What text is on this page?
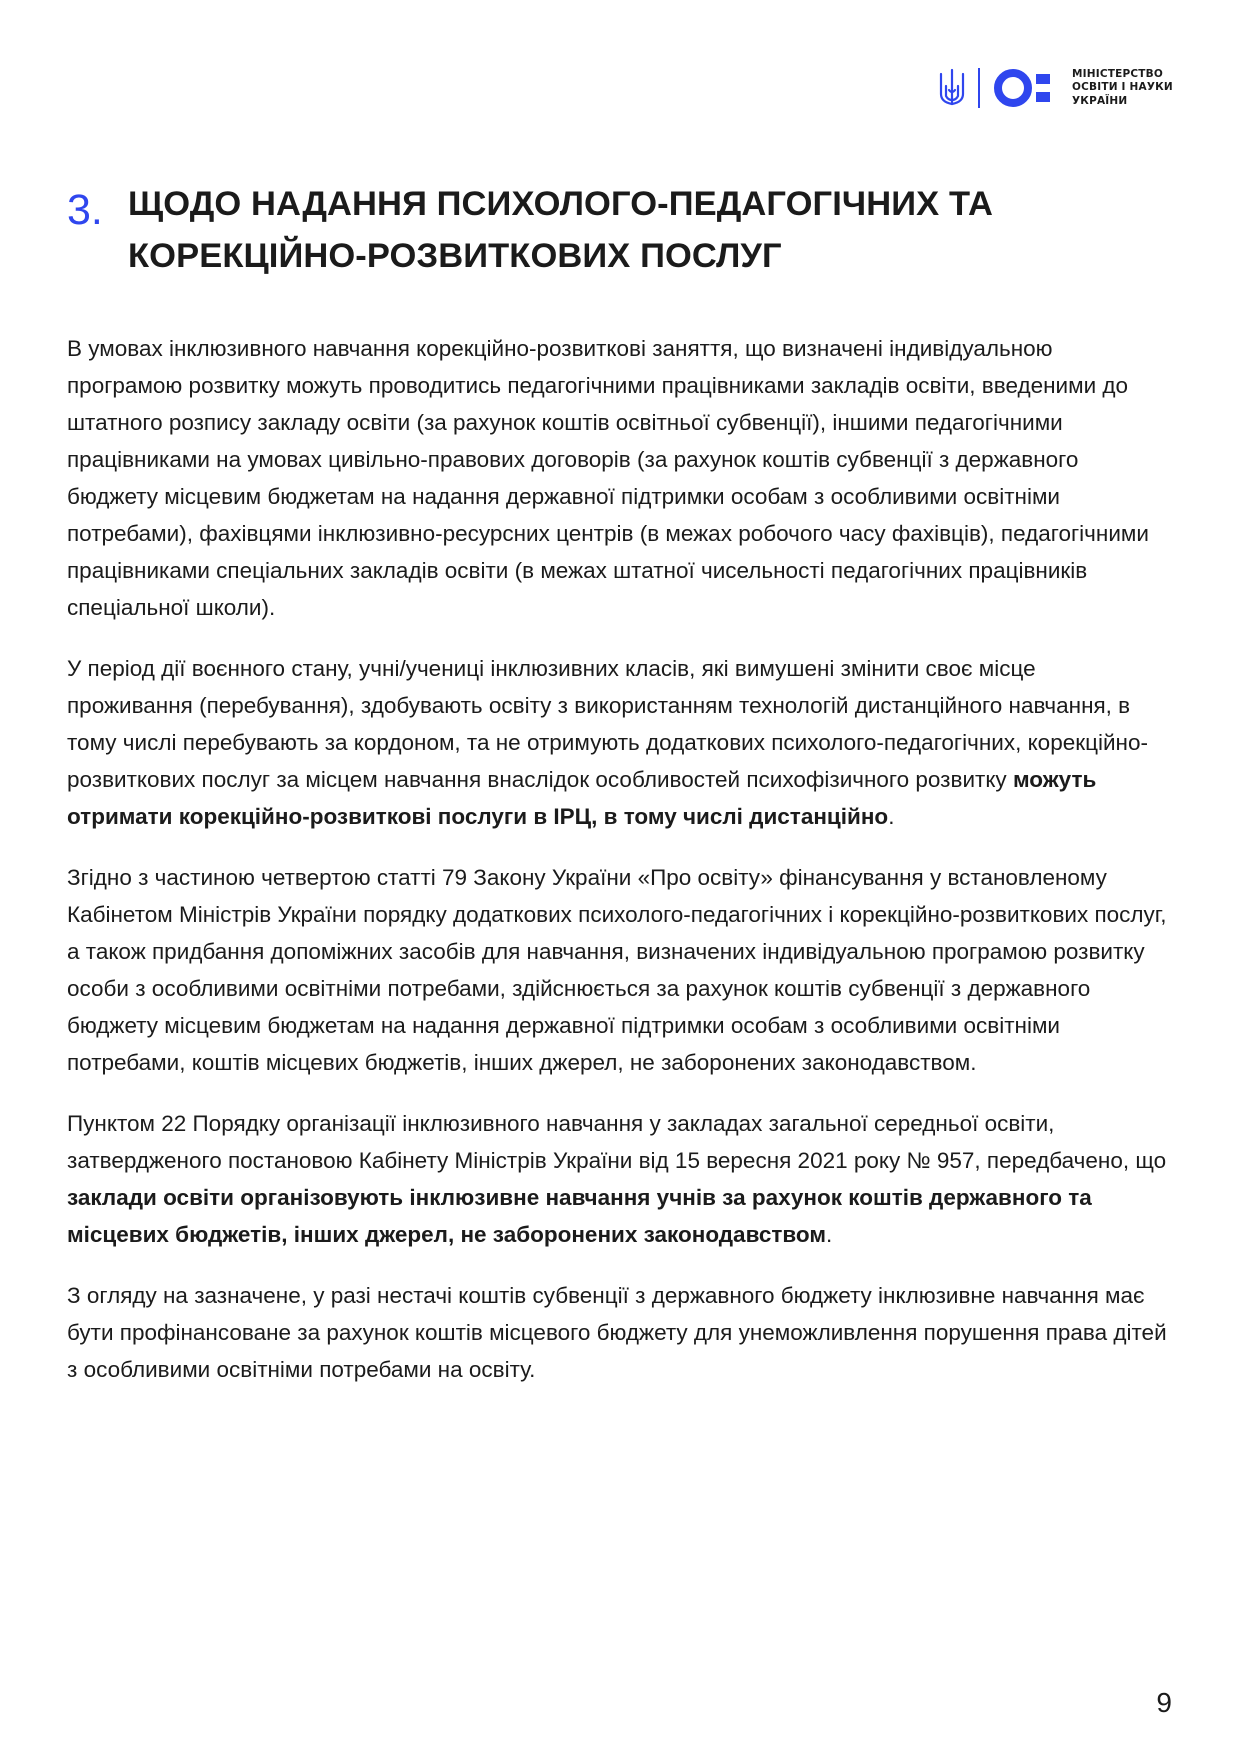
МІНІСТЕРСТВО
ОСВІТИ І НАУКИ
УКРАЇНИ
3. ЩОДО НАДАННЯ ПСИХОЛОГО-ПЕДАГОГІЧНИХ ТА
КОРЕКЦІЙНО-РОЗВИТКОВИХ ПОСЛУГ

В умовах інклюзивного навчання корекційно-розвиткові заняття, що визначені індивідуальною програмою розвитку можуть проводитись педагогічними працівниками закладів освіти, введеними до штатного розпису закладу освіти (за рахунок коштів освітньої субвенції), іншими педагогічними працівниками на умовах цивільно-правових договорів (за рахунок коштів субвенції з державного бюджету місцевим бюджетам на надання державної підтримки особам з особливими освітніми потребами), фахівцями інклюзивно-ресурсних центрів (в межах робочого часу фахівців), педагогічними працівниками спеціальних закладів освіти (в межах штатної чисельності педагогічних працівників спеціальної школи).

У період дії воєнного стану, учні/учениці інклюзивних класів, які вимушені змінити своє місце проживання (перебування), здобувають освіту з використанням технологій дистанційного навчання, в тому числі перебувають за кордоном, та не отримують додаткових психолого-педагогічних, корекційно-розвиткових послуг за місцем навчання внаслідок особливостей психофізичного розвитку можуть отримати корекційно-розвиткові послуги в ІРЦ, в тому числі дистанційно.

Згідно з частиною четвертою статті 79 Закону України «Про освіту» фінансування у встановленому Кабінетом Міністрів України порядку додаткових психолого-педагогічних і корекційно-розвиткових послуг, а також придбання допоміжних засобів для навчання, визначених індивідуальною програмою розвитку особи з особливими освітніми потребами, здійснюється за рахунок коштів субвенції з державного бюджету місцевим бюджетам на надання державної підтримки особам з особливими освітніми потребами, коштів місцевих бюджетів, інших джерел, не заборонених законодавством.

Пунктом 22 Порядку організації інклюзивного навчання у закладах загальної середньої освіти, затвердженого постановою Кабінету Міністрів України від 15 вересня 2021 року № 957, передбачено, що заклади освіти організовують інклюзивне навчання учнів за рахунок коштів державного та місцевих бюджетів, інших джерел, не заборонених законодавством.

З огляду на зазначене, у разі нестачі коштів субвенції з державного бюджету інклюзивне навчання має бути профінансоване за рахунок коштів місцевого бюджету для унеможливлення порушення права дітей з особливими освітніми потребами на освіту.

9
